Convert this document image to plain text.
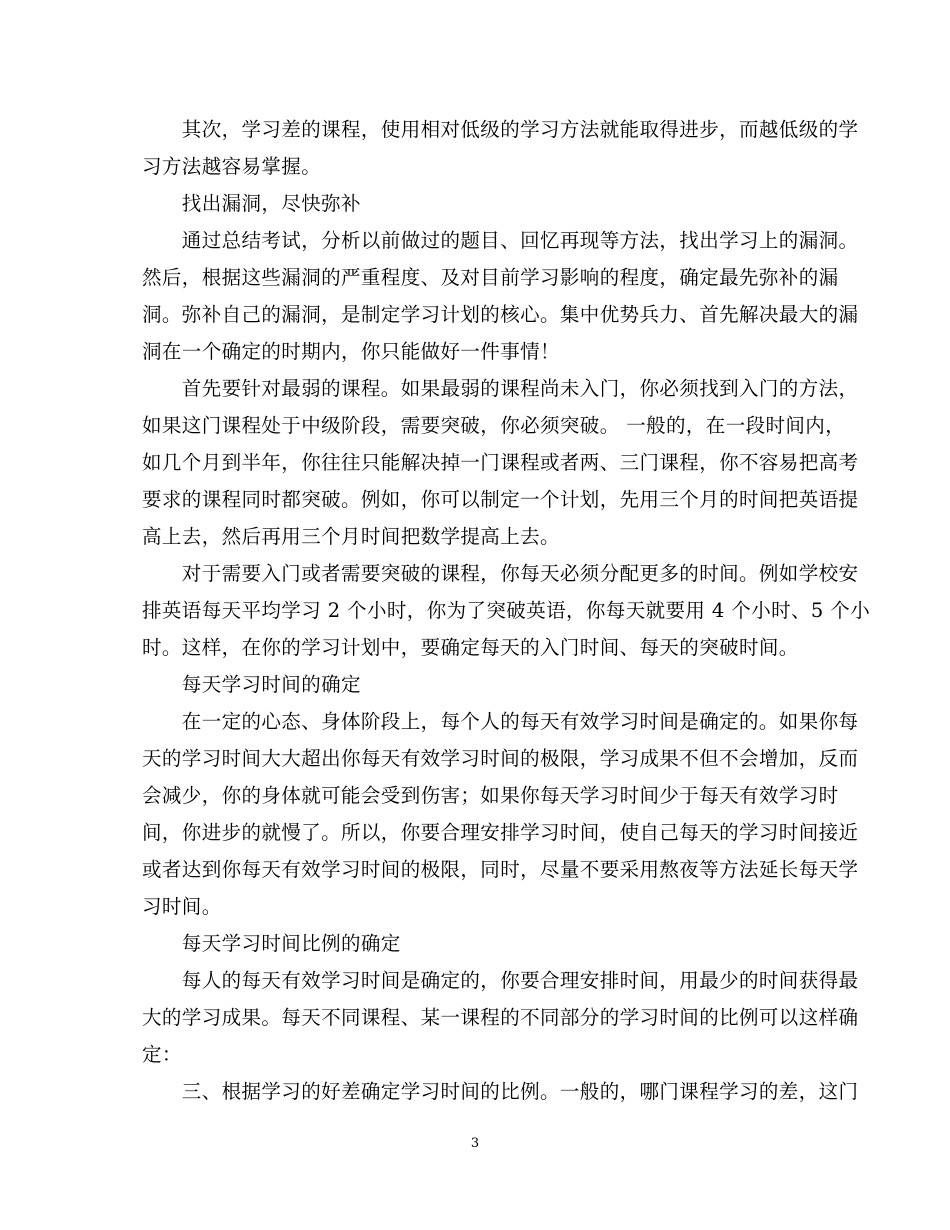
　　其次，学习差的课程，使用相对低级的学习方法就能取得进步，而越低级的学
习方法越容易掌握。
　　找出漏洞，尽快弥补
　　通过总结考试，分析以前做过的题目、回忆再现等方法，找出学习上的漏洞。
然后，根据这些漏洞的严重程度、及对目前学习影响的程度，确定最先弥补的漏
洞。弥补自己的漏洞，是制定学习计划的核心。集中优势兵力、首先解决最大的漏
洞在一个确定的时期内，你只能做好一件事情！
　　首先要针对最弱的课程。如果最弱的课程尚未入门，你必须找到入门的方法，
如果这门课程处于中级阶段，需要突破，你必须突破。 一般的，在一段时间内，
如几个月到半年，你往往只能解决掉一门课程或者两、三门课程，你不容易把高考
要求的课程同时都突破。例如，你可以制定一个计划，先用三个月的时间把英语提
高上去，然后再用三个月时间把数学提高上去。
　　对于需要入门或者需要突破的课程，你每天必须分配更多的时间。例如学校安
排英语每天平均学习 2 个小时，你为了突破英语，你每天就要用 4 个小时、5 个小
时。这样，在你的学习计划中，要确定每天的入门时间、每天的突破时间。
　　每天学习时间的确定
　　在一定的心态、身体阶段上，每个人的每天有效学习时间是确定的。如果你每
天的学习时间大大超出你每天有效学习时间的极限，学习成果不但不会增加，反而
会减少，你的身体就可能会受到伤害；如果你每天学习时间少于每天有效学习时
间，你进步的就慢了。所以，你要合理安排学习时间，使自己每天的学习时间接近
或者达到你每天有效学习时间的极限，同时，尽量不要采用熬夜等方法延长每天学
习时间。
　　每天学习时间比例的确定
　　每人的每天有效学习时间是确定的，你要合理安排时间，用最少的时间获得最
大的学习成果。每天不同课程、某一课程的不同部分的学习时间的比例可以这样确
定：
　　三、根据学习的好差确定学习时间的比例。一般的，哪门课程学习的差，这门
3
